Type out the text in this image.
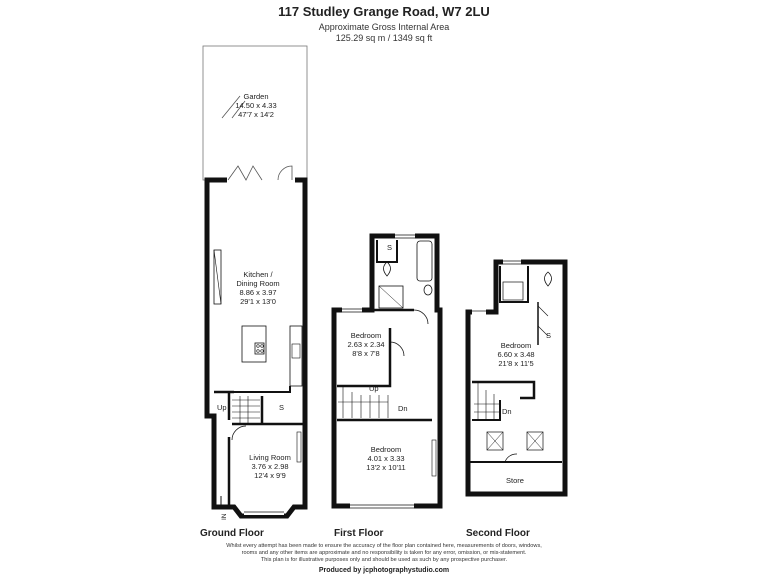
117 Studley Grange Road, W7 2LU
Approximate Gross Internal Area
125.29 sq m / 1349 sq ft
Garden
14.50 x 4.33
47'7 x 14'2
Kitchen /
Dining Room
8.86 x 3.97
29'1 x 13'0
Living Room
3.76 x 2.98
12'4 x 9'9
Bedroom
2.63 x 2.34
8'8 x 7'8
Bedroom
4.01 x 3.33
13'2 x 10'11
Bedroom
6.60 x 3.48
21'8 x 11'5
Store
Up	S
IN
S
Up
Dn
S
Dn
Ground Floor	First Floor	Second Floor
Whilst every attempt has been made to ensure the accuracy of the floor plan contained here, measurements of doors, windows,
rooms and any other items are approximate and no responsibility is taken for any error, omission, or mis-statement.
This plan is for illustrative purposes only and should be used as such by any prospective purchaser.
Produced by jcphotographystudio.com
